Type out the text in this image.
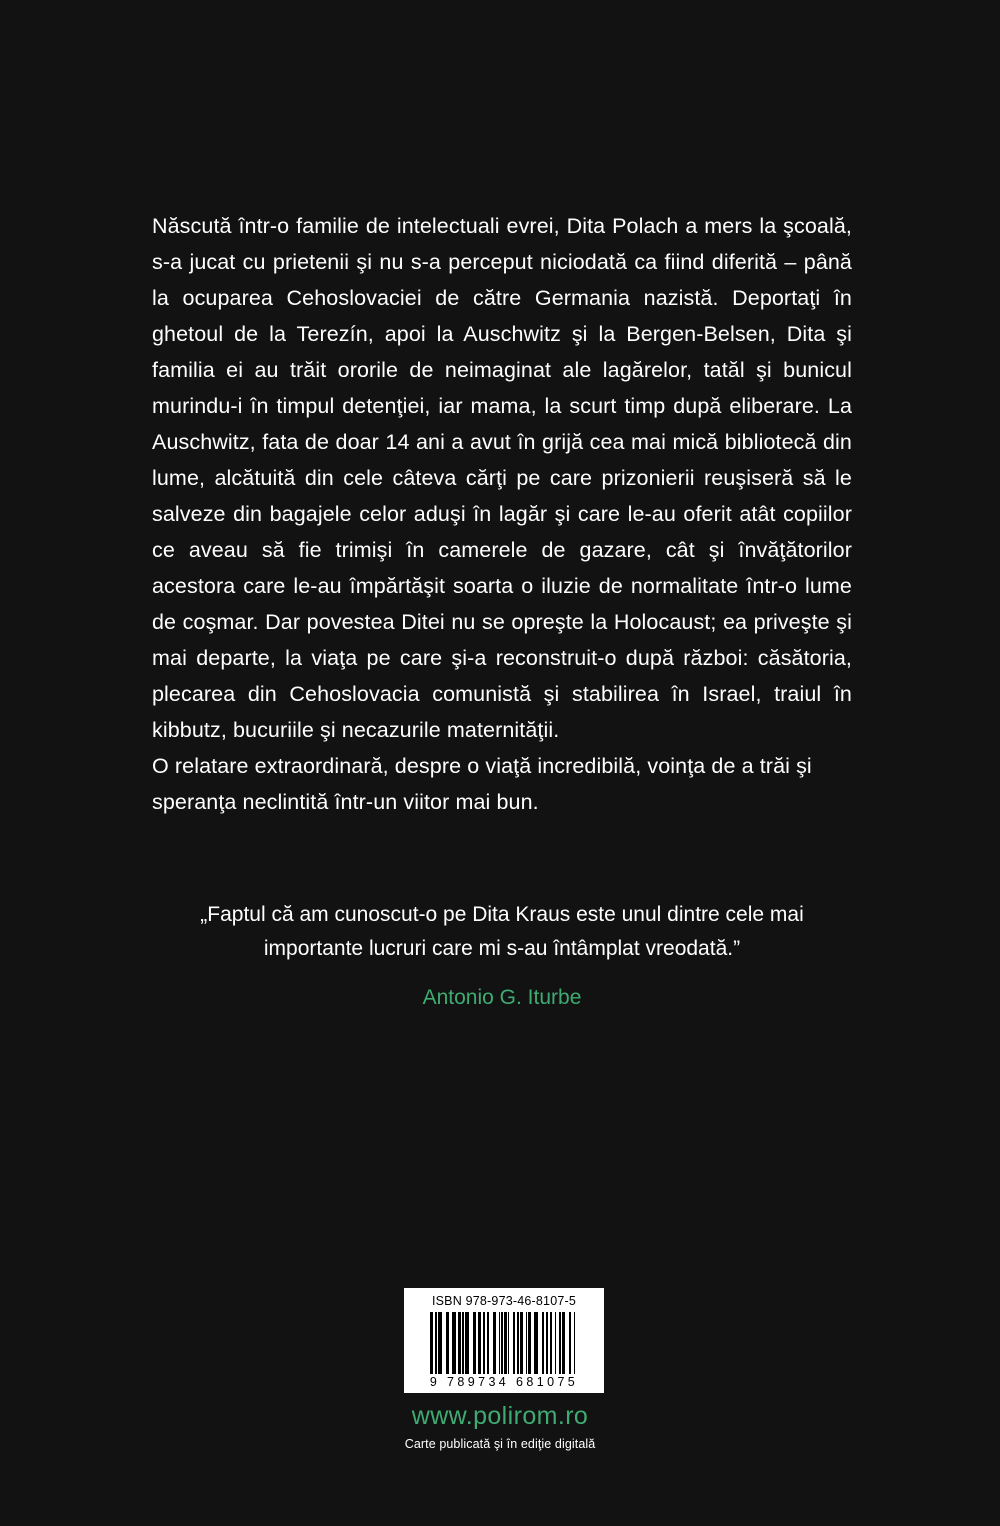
Născută într-o familie de intelectuali evrei, Dita Polach a mers la şcoală, s-a jucat cu prietenii şi nu s-a perceput niciodată ca fiind diferită – până la ocuparea Cehoslovaciei de către Germania nazistă. Deportaţi în ghetoul de la Terezín, apoi la Auschwitz şi la Bergen-Belsen, Dita şi familia ei au trăit ororile de neimaginat ale lagărelor, tatăl şi bunicul murindu-i în timpul detenţiei, iar mama, la scurt timp după eliberare. La Auschwitz, fata de doar 14 ani a avut în grijă cea mai mică bibliotecă din lume, alcătuită din cele câteva cărţi pe care prizonierii reuşiseră să le salveze din bagajele celor aduşi în lagăr şi care le-au oferit atât copiilor ce aveau să fie trimişi în camerele de gazare, cât şi învăţătorilor acestora care le-au împărtăşit soarta o iluzie de normalitate într-o lume de coşmar. Dar povestea Ditei nu se opreşte la Holocaust; ea priveşte şi mai departe, la viaţa pe care şi-a reconstruit-o după război: căsătoria, plecarea din Cehoslovacia comunistă şi stabilirea în Israel, traiul în kibbutz, bucuriile şi necazurile maternităţii.

O relatare extraordinară, despre o viaţă incredibilă, voinţa de a trăi şi speranţa neclintită într-un viitor mai bun.

„Faptul că am cunoscut-o pe Dita Kraus este unul dintre cele mai importante lucruri care mi s-au întâmplat vreodată.”
Antonio G. Iturbe
ISBN 978-973-46-8107-5
9 789734 681075
www.polirom.ro
Carte publicată şi în ediţie digitală
